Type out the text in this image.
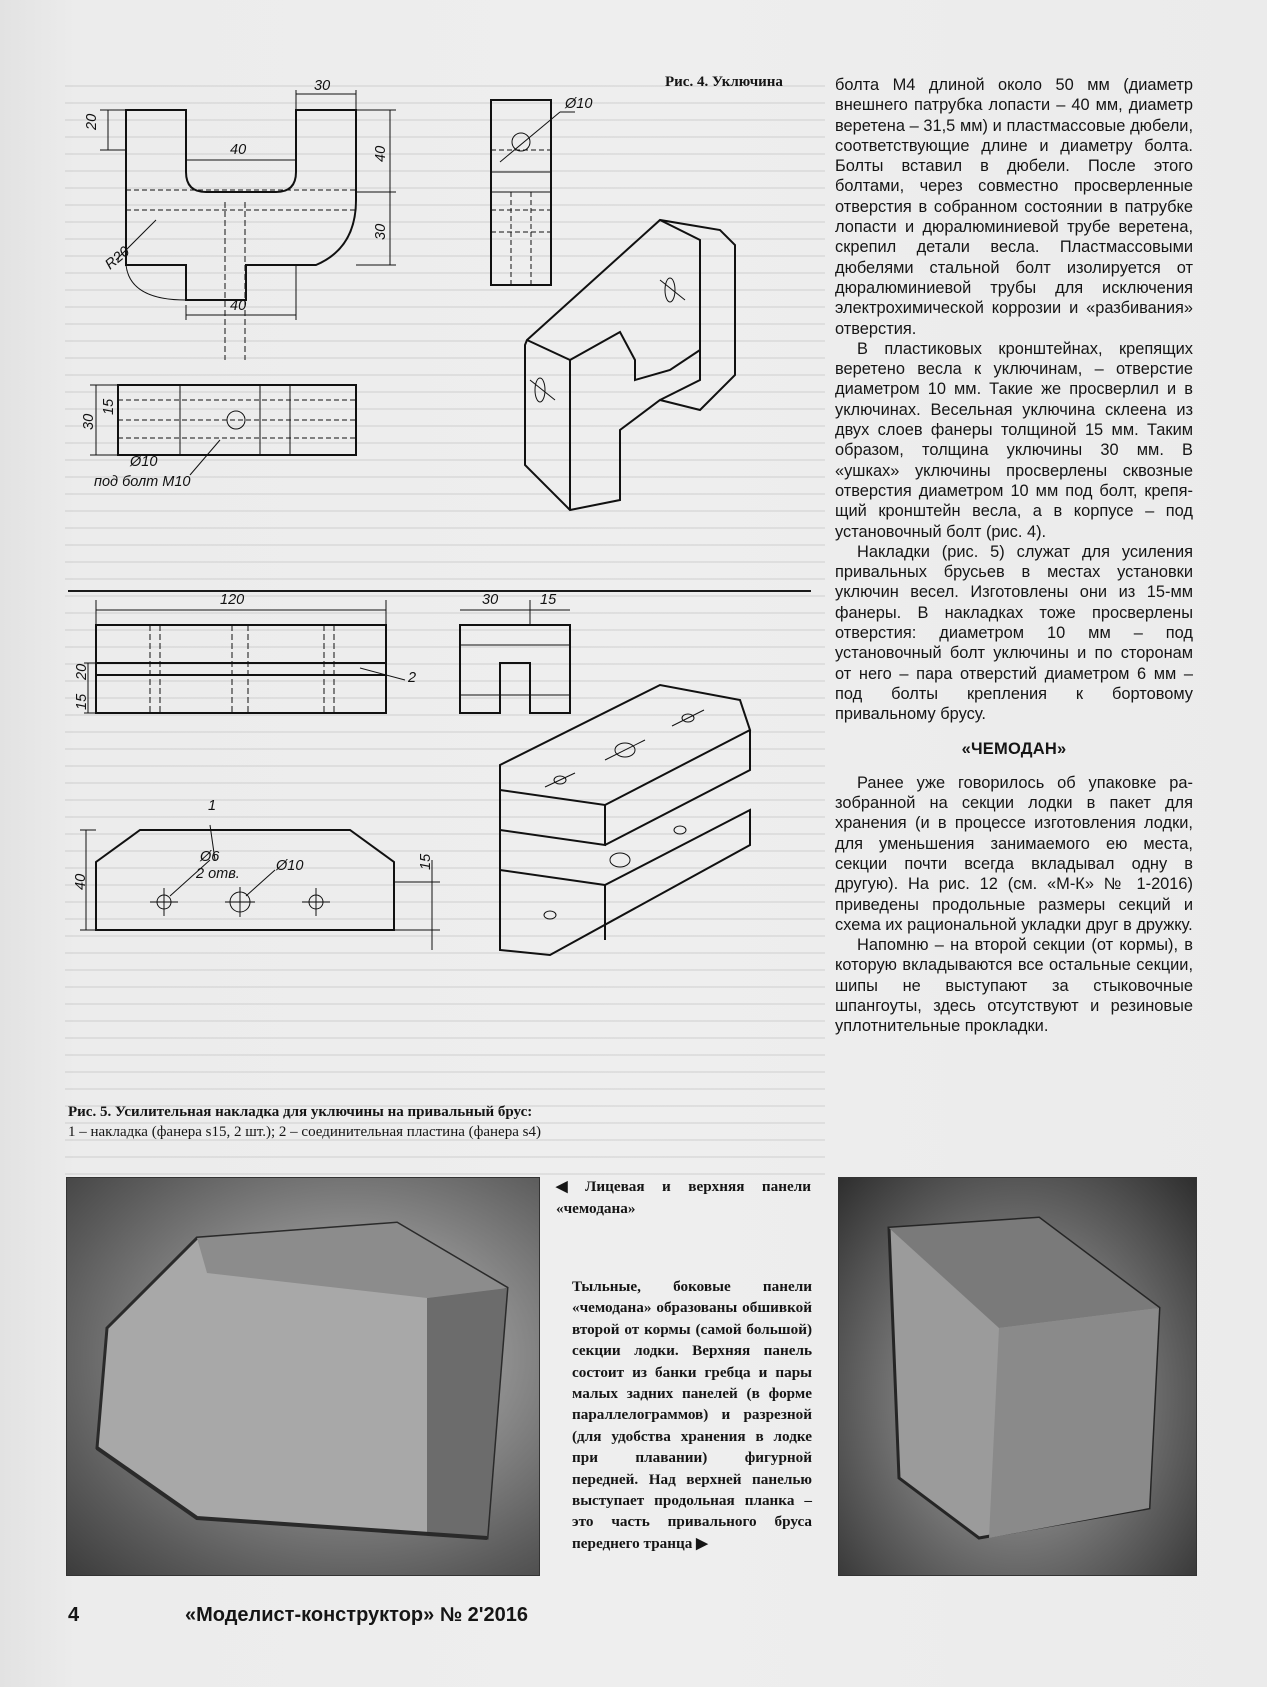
30
20
40	40
30
R20
40
Ø10
30
15
Ø10
под болт М10
120
20
15
2
30	15
1
Ø6
2 отв. Ø10
40
15
Рис. 4. Уключина
Рис. 5. Усилительная накладка для уключины на привальный брус:
1 – накладка (фанера s15, 2 шт.); 2 – соединительная пластина (фанера s4)

болта М4 длиной около 50 мм (диаметр внешнего патрубка лопасти – 40 мм, диаметр веретена – 31,5 мм) и пластмассовые дюбели, соответствующие длине и диаметру болта. Болты вставил в дюбели. После этого болтами, через совместно просверленные отверстия в собранном состоянии в патрубке лопасти и дюралюминиевой трубе веретена, скрепил детали весла. Пластмассовыми дюбелями стальной болт изолируется от дюралюминиевой трубы для исключения электрохимической коррозии и «разбивания» отверстия.

В пластиковых кронштейнах, крепящих веретено весла к уключинам, – отверстие диаметром 10 мм. Такие же просверлил и в уключинах. Весельная уключина склеена из двух слоев фанеры толщиной 15 мм. Таким образом, толщина уключины 30 мм. В «ушках» уключины просверлены сквозные отверстия диаметром 10 мм под болт, крепящий кронштейн весла, а в корпусе – под установочный болт (рис. 4).

Накладки (рис. 5) служат для усиления привальных брусьев в местах установки уключин весел. Изготовлены они из 15-мм фанеры. В накладках тоже просверлены отверстия: диаметром 10 мм – под установочный болт уключины и по сторонам от него – пара отверстий диаметром 6 мм – под болты крепления к бортовому привальному брусу.

«ЧЕМОДАН»

Ранее уже говорилось об упаковке разобранной на секции лодки в пакет для хранения (и в процессе изготовления лодки, для уменьшения занимаемого ею места, секции почти всегда вкладывал одну в другую). На рис. 12 (см. «М-К» № 1-2016) приведены продольные размеры секций и схема их рациональной укладки друг в дружку.

Напомню – на второй секции (от кормы), в которую вкладываются все остальные секции, шипы не выступают за стыковочные шпангоуты, здесь отсутствуют и резиновые уплотнительные прокладки.

◀ Лицевая и верхняя панели «чемодана»
Тыльные, боковые панели «чемодана» образованы обшивкой второй от кормы (самой большой) секции лодки. Верхняя панель состоит из банки гребца и пары малых задних панелей (в форме параллелограммов) и разрезной (для удобства хранения в лодке при плавании) фигурной передней. Над верхней панелью выступает продольная планка – это часть привального бруса переднего транца ▶
4	«Моделист-конструктор» № 2'2016
